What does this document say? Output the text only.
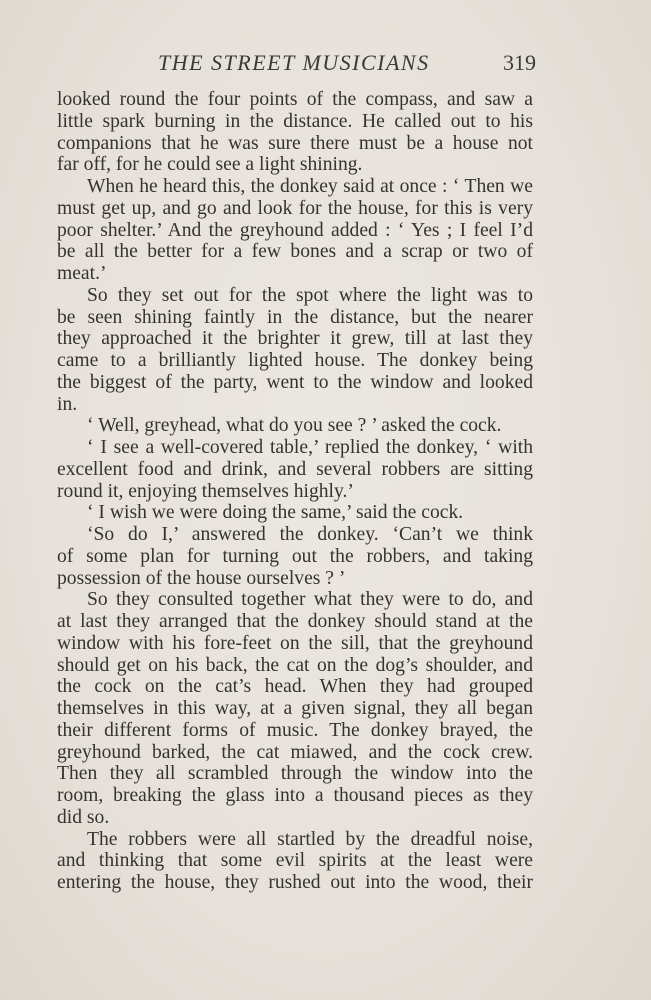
THE STREET MUSICIANS	319
looked round the four points of the compass, and saw a
little spark burning in the distance. He called out to his
companions that he was sure there must be a house not
far off, for he could see a light shining.
When he heard this, the donkey said at once : ‘ Then we
must get up, and go and look for the house, for this is very
poor shelter.’ And the greyhound added : ‘ Yes ; I feel I’d
be all the better for a few bones and a scrap or two of
meat.’
So they set out for the spot where the light was to
be seen shining faintly in the distance, but the nearer
they approached it the brighter it grew, till at last they
came to a brilliantly lighted house. The donkey being
the biggest of the party, went to the window and looked
in.
‘ Well, greyhead, what do you see ? ’ asked the cock.
‘ I see a well-covered table,’ replied the donkey, ‘ with
excellent food and drink, and several robbers are sitting
round it, enjoying themselves highly.’
‘ I wish we were doing the same,’ said the cock.
‘So do I,’ answered the donkey. ‘Can’t we think
of some plan for turning out the robbers, and taking
possession of the house ourselves ? ’
So they consulted together what they were to do, and
at last they arranged that the donkey should stand at the
window with his fore-feet on the sill, that the greyhound
should get on his back, the cat on the dog’s shoulder, and
the cock on the cat’s head. When they had grouped
themselves in this way, at a given signal, they all began
their different forms of music. The donkey brayed, the
greyhound barked, the cat miawed, and the cock crew.
Then they all scrambled through the window into the
room, breaking the glass into a thousand pieces as they
did so.
The robbers were all startled by the dreadful noise,
and thinking that some evil spirits at the least were
entering the house, they rushed out into the wood, their
